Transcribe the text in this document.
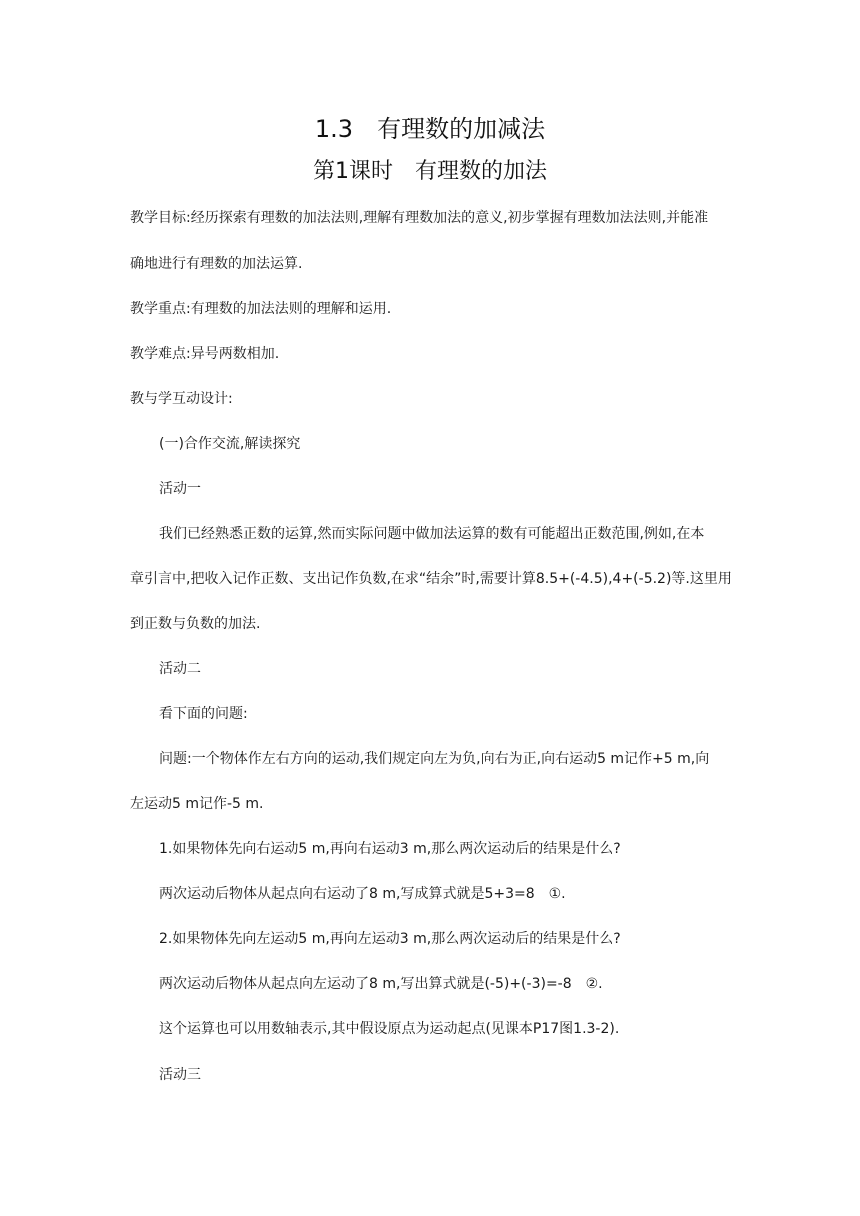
1.3　有理数的加减法
第1课时　有理数的加法
教学目标:经历探索有理数的加法法则,理解有理数加法的意义,初步掌握有理数加法法则,并能准
确地进行有理数的加法运算.
教学重点:有理数的加法法则的理解和运用.
教学难点:异号两数相加.
教与学互动设计:
(一)合作交流,解读探究
活动一
我们已经熟悉正数的运算,然而实际问题中做加法运算的数有可能超出正数范围,例如,在本
章引言中,把收入记作正数、支出记作负数,在求“结余”时,需要计算8.5+(-4.5),4+(-5.2)等.这里用
到正数与负数的加法.
活动二
看下面的问题:
问题:一个物体作左右方向的运动,我们规定向左为负,向右为正,向右运动5 m记作+5 m,向
左运动5 m记作-5 m.
1.如果物体先向右运动5 m,再向右运动3 m,那么两次运动后的结果是什么?
两次运动后物体从起点向右运动了8 m,写成算式就是5+3=8　①.
2.如果物体先向左运动5 m,再向左运动3 m,那么两次运动后的结果是什么?
两次运动后物体从起点向左运动了8 m,写出算式就是(-5)+(-3)=-8　②.
这个运算也可以用数轴表示,其中假设原点为运动起点(见课本P17图1.3-2).
活动三
